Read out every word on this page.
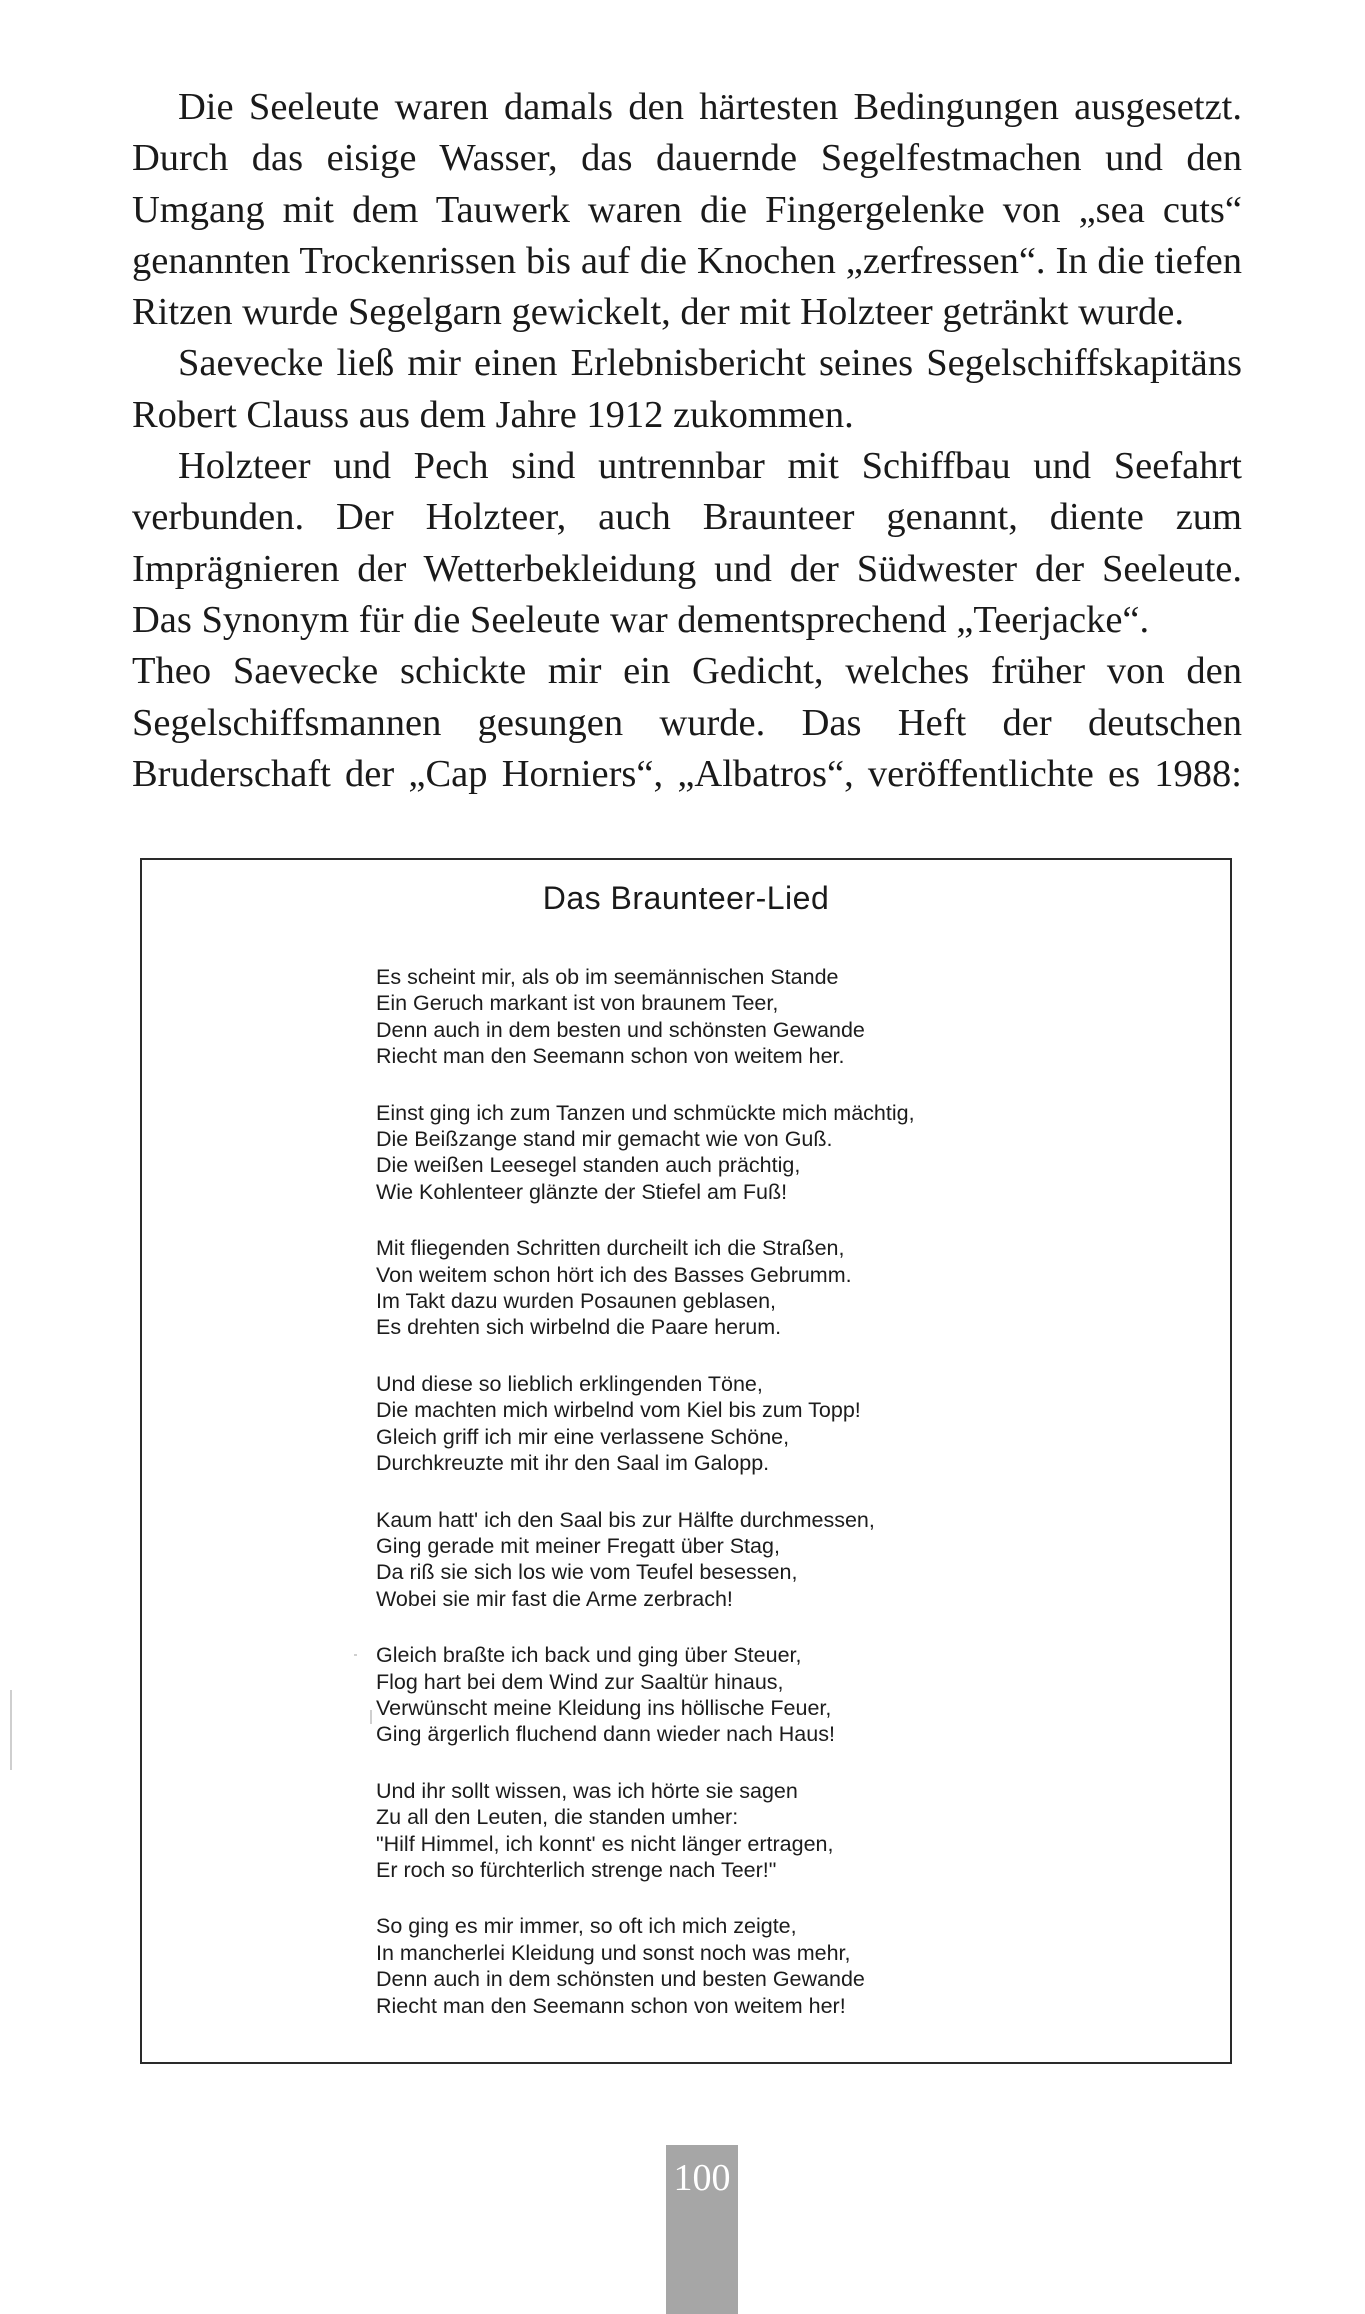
Die Seeleute waren damals den härtesten Bedingungen ausgesetzt. Durch das eisige Wasser, das dauernde Segelfestmachen und den Umgang mit dem Tauwerk waren die Fingergelenke von „sea cuts“ genannten Trockenrissen bis auf die Knochen „zerfressen“. In die tiefen Ritzen wurde Segelgarn gewickelt, der mit Holzteer getränkt wurde.

Saevecke ließ mir einen Erlebnisbericht seines Segelschiffskapitäns Robert Clauss aus dem Jahre 1912 zukommen.

Holzteer und Pech sind untrennbar mit Schiffbau und Seefahrt verbunden. Der Holzteer, auch Braunteer genannt, diente zum Imprägnieren der Wetterbekleidung und der Südwester der Seeleute. Das Synonym für die Seeleute war dementsprechend „Teerjacke“.

Theo Saevecke schickte mir ein Gedicht, welches früher von den Segelschiffsmannen gesungen wurde. Das Heft der deutschen Bruderschaft der „Cap Horniers“, „Albatros“, veröffentlichte es 1988:

Das Braunteer-Lied
Es scheint mir, als ob im seemännischen Stande
Ein Geruch markant ist von braunem Teer,
Denn auch in dem besten und schönsten Gewande
Riecht man den Seemann schon von weitem her.
Einst ging ich zum Tanzen und schmückte mich mächtig,
Die Beißzange stand mir gemacht wie von Guß.
Die weißen Leesegel standen auch prächtig,
Wie Kohlenteer glänzte der Stiefel am Fuß!
Mit fliegenden Schritten durcheilt ich die Straßen,
Von weitem schon hört ich des Basses Gebrumm.
Im Takt dazu wurden Posaunen geblasen,
Es drehten sich wirbelnd die Paare herum.
Und diese so lieblich erklingenden Töne,
Die machten mich wirbelnd vom Kiel bis zum Topp!
Gleich griff ich mir eine verlassene Schöne,
Durchkreuzte mit ihr den Saal im Galopp.
Kaum hatt' ich den Saal bis zur Hälfte durchmessen,
Ging gerade mit meiner Fregatt über Stag,
Da riß sie sich los wie vom Teufel besessen,
Wobei sie mir fast die Arme zerbrach!
Gleich braßte ich back und ging über Steuer,
Flog hart bei dem Wind zur Saaltür hinaus,
Verwünscht meine Kleidung ins höllische Feuer,
Ging ärgerlich fluchend dann wieder nach Haus!
Und ihr sollt wissen, was ich hörte sie sagen
Zu all den Leuten, die standen umher:
"Hilf Himmel, ich konnt' es nicht länger ertragen,
Er roch so fürchterlich strenge nach Teer!"
So ging es mir immer, so oft ich mich zeigte,
In mancherlei Kleidung und sonst noch was mehr,
Denn auch in dem schönsten und besten Gewande
Riecht man den Seemann schon von weitem her!
100
